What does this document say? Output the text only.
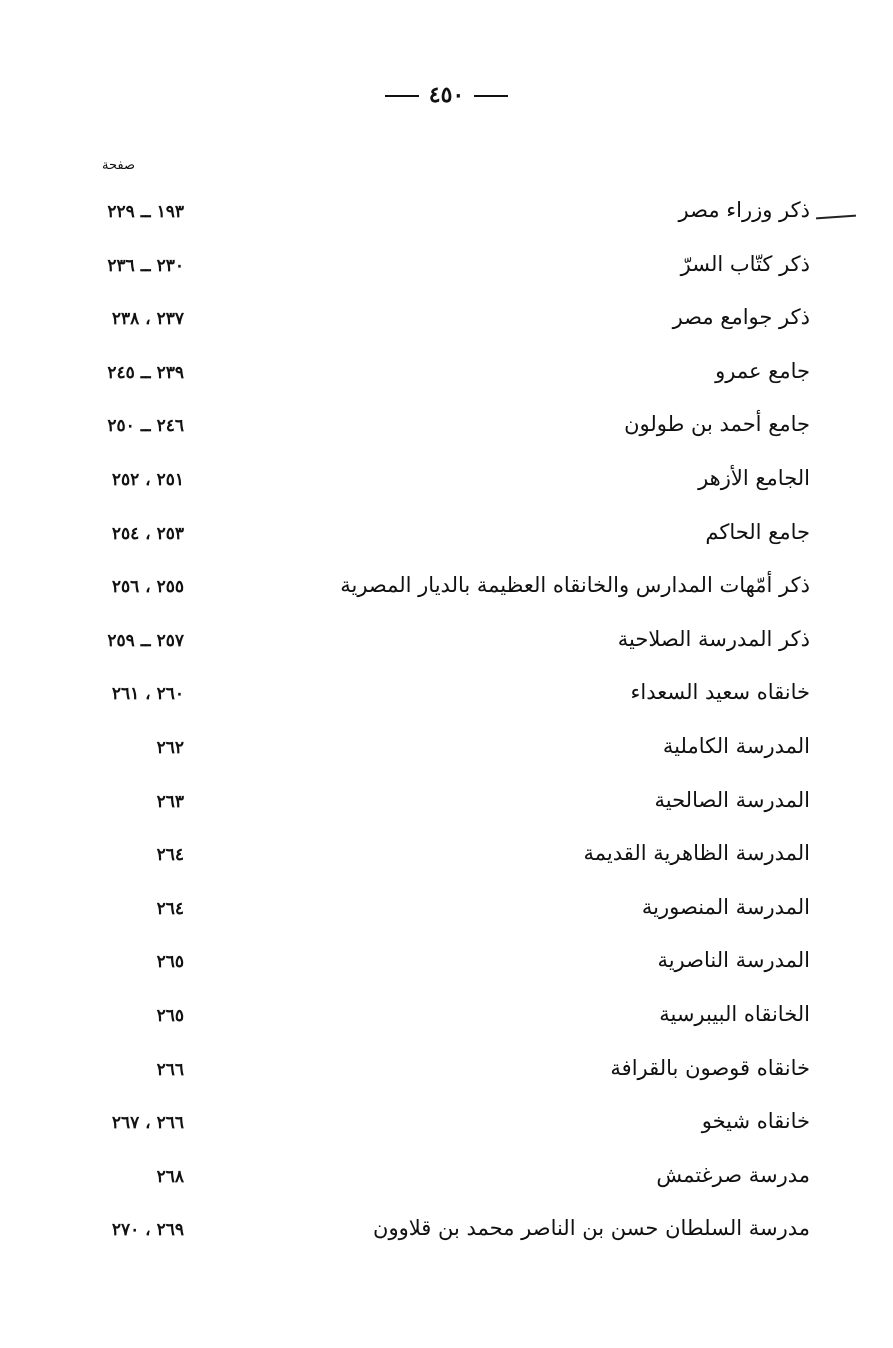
٤٥٠
صفحة
ذكر وزراء مصر
١٩٣ ــ ٢٢٩
ذكر كتّاب السرّ
٢٣٠ ــ ٢٣٦
ذكر جوامع مصر
٢٣٧ ، ٢٣٨
جامع عمرو
٢٣٩ ــ ٢٤٥
جامع أحمد بن طولون
٢٤٦ ــ ٢٥٠
الجامع الأزهر
٢٥١ ، ٢٥٢
جامع الحاكم
٢٥٣ ، ٢٥٤
ذكر أمّهات المدارس والخانقاه العظيمة بالديار المصرية
٢٥٥ ، ٢٥٦
ذكر المدرسة الصلاحية
٢٥٧ ــ ٢٥٩
خانقاه سعيد السعداء
٢٦٠ ، ٢٦١
المدرسة الكاملية
٢٦٢
المدرسة الصالحية
٢٦٣
المدرسة الظاهرية القديمة
٢٦٤
المدرسة المنصورية
٢٦٤
المدرسة الناصرية
٢٦٥
الخانقاه البيبرسية
٢٦٥
خانقاه قوصون بالقرافة
٢٦٦
خانقاه شيخو
٢٦٦ ، ٢٦٧
مدرسة صرغتمش
٢٦٨
مدرسة السلطان حسن بن الناصر محمد بن قلاوون
٢٦٩ ، ٢٧٠
